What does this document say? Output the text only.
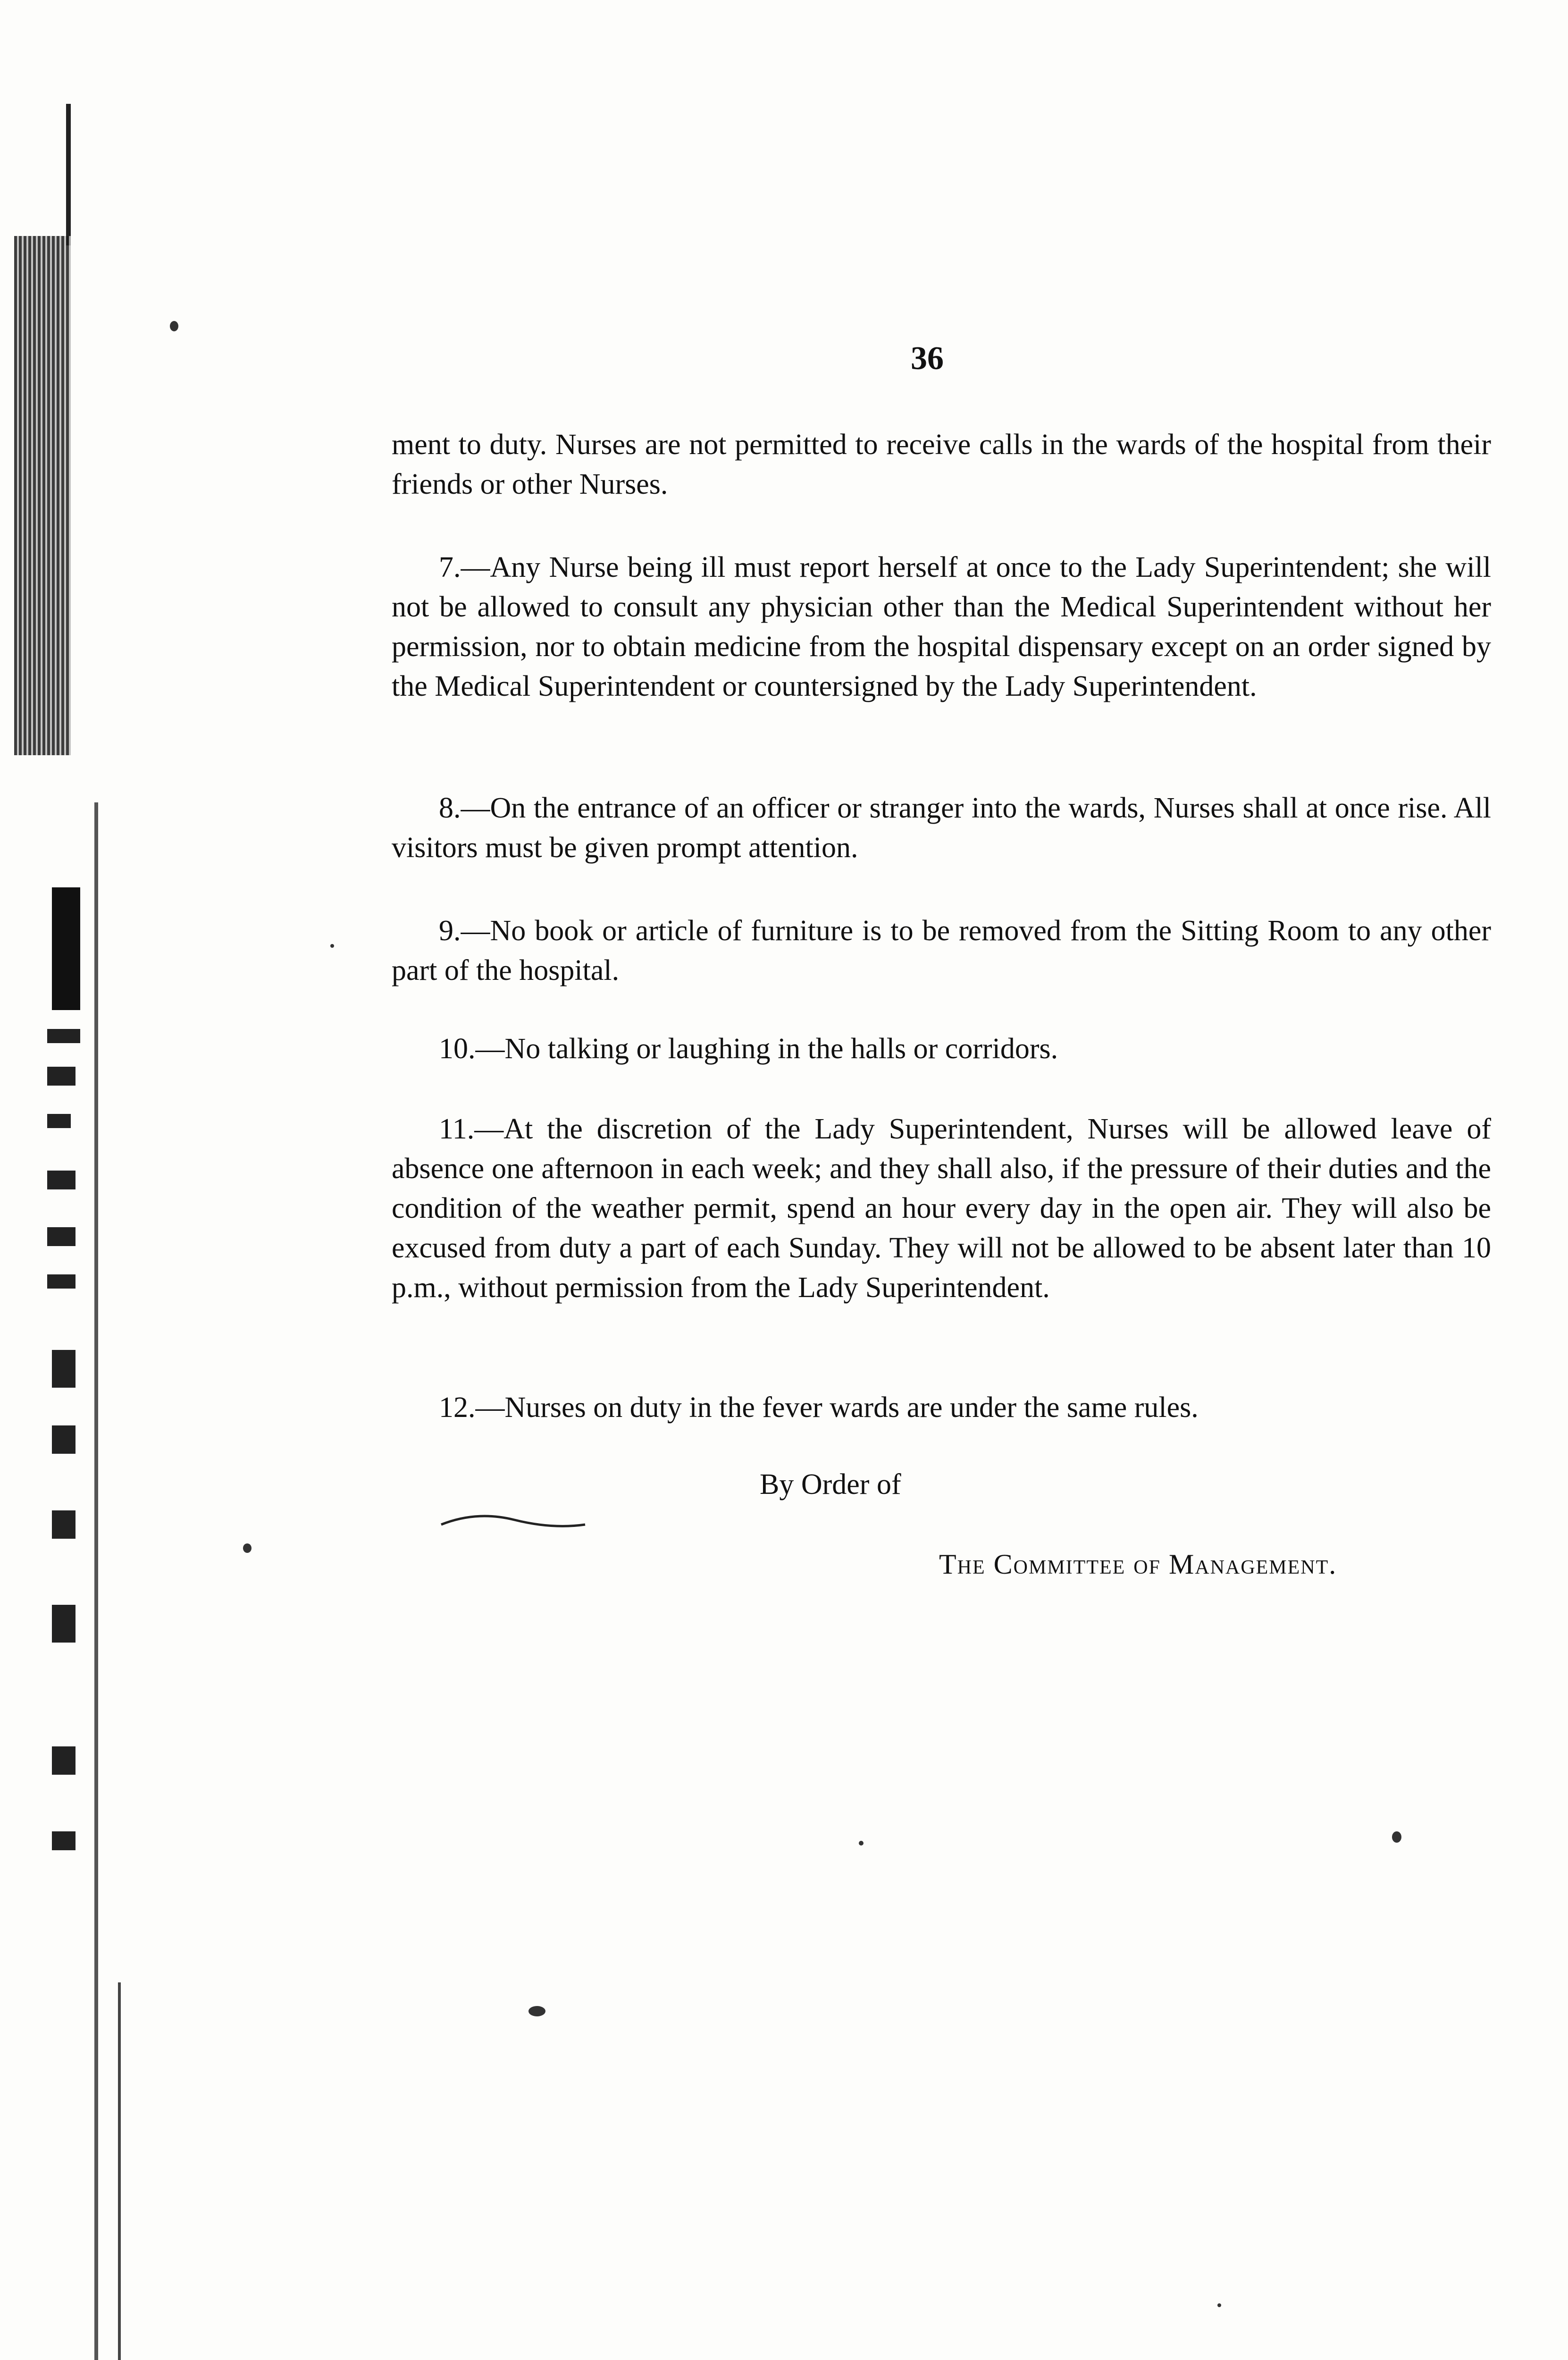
36

ment to duty. Nurses are not permitted to receive calls in the wards of the hospital from their friends or other Nurses.

7.—Any Nurse being ill must report herself at once to the Lady Superintendent; she will not be allowed to consult any physician other than the Medical Superintendent without her permission, nor to obtain medicine from the hospital dispensary except on an order signed by the Medical Superintendent or countersigned by the Lady Superintendent.

8.—On the entrance of an officer or stranger into the wards, Nurses shall at once rise. All visitors must be given prompt attention.

9.—No book or article of furniture is to be removed from the Sitting Room to any other part of the hospital.

10.—No talking or laughing in the halls or corridors.

11.—At the discretion of the Lady Superintendent, Nurses will be allowed leave of absence one afternoon in each week; and they shall also, if the pressure of their duties and the condition of the weather permit, spend an hour every day in the open air. They will also be excused from duty a part of each Sunday. They will not be allowed to be absent later than 10 p.m., without permission from the Lady Superintendent.

12.—Nurses on duty in the fever wards are under the same rules.

By Order of
The Committee of Management.
